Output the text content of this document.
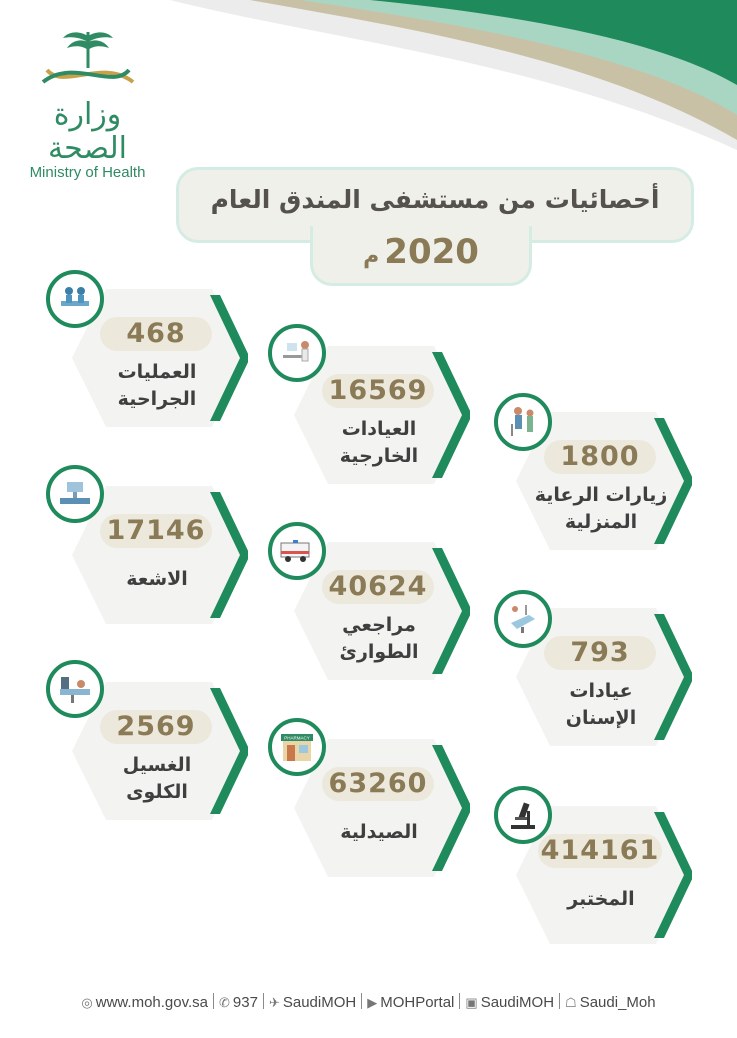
وزارة الصحة
Ministry of Health
أحصائيات من مستشفى المندق العام
2020 م
468
العمليات
الجراحية
17146
الاشعة
2569
الغسيل
الكلوى
16569
العيادات
الخارجية
40624
مراجعي
الطوارئ
63260
الصيدلية
PHARMACY
1800
زيارات الرعاية
المنزلية
793
عيادات
الإسنان
414161
المختبر
◎ www.moh.gov.sa ✆ 937 ✈ SaudiMOH ▶ MOHPortal ▣ SaudiMOH ☖ Saudi_Moh
